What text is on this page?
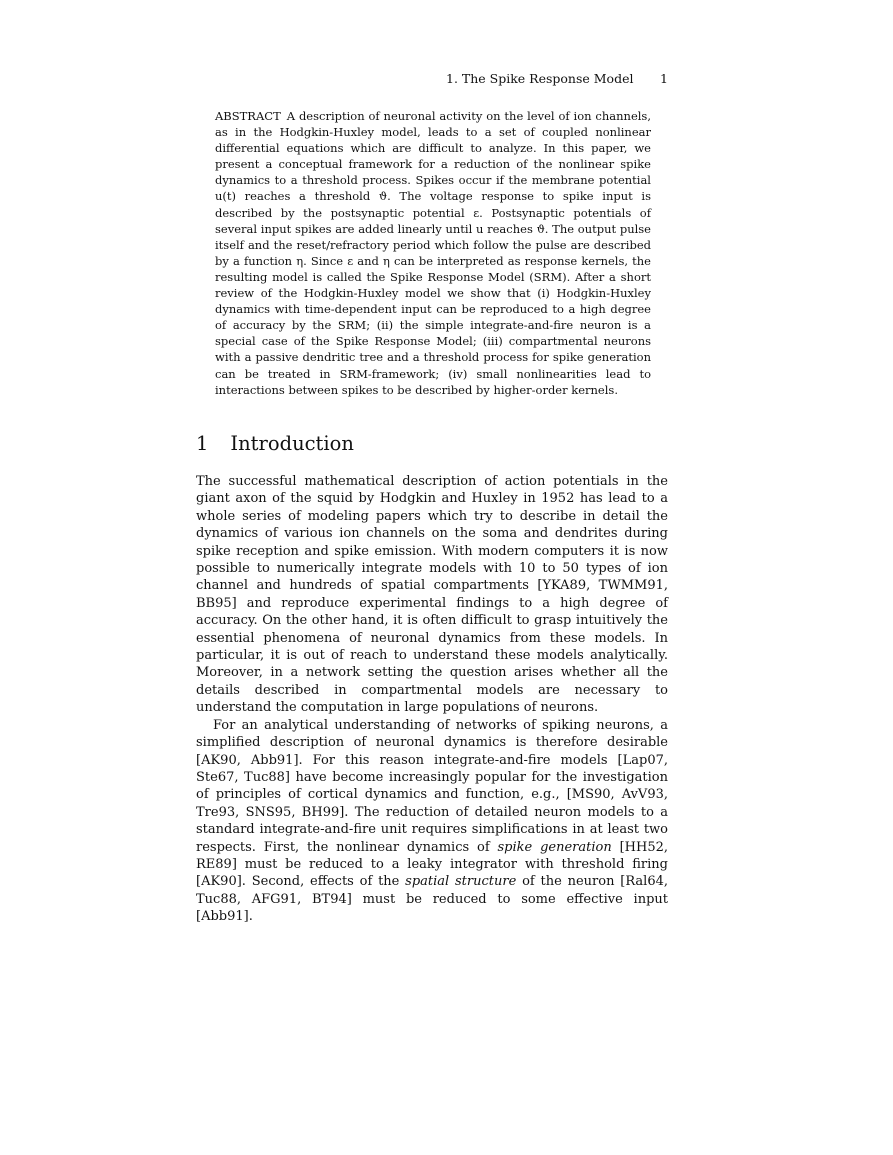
1. The Spike Response Model 1
ABSTRACT A description of neuronal activity on the level of ion channels, as in the Hodgkin-Huxley model, leads to a set of coupled nonlinear differential equations which are difficult to analyze. In this paper, we present a conceptual framework for a reduction of the nonlinear spike dynamics to a threshold process. Spikes occur if the membrane potential u(t) reaches a threshold ϑ. The voltage response to spike input is described by the postsynaptic potential ε. Postsynaptic potentials of several input spikes are added linearly until u reaches ϑ. The output pulse itself and the reset/refractory period which follow the pulse are described by a function η. Since ε and η can be interpreted as response kernels, the resulting model is called the Spike Response Model (SRM). After a short review of the Hodgkin-Huxley model we show that (i) Hodgkin-Huxley dynamics with time-dependent input can be reproduced to a high degree of accuracy by the SRM; (ii) the simple integrate-and-fire neuron is a special case of the Spike Response Model; (iii) compartmental neurons with a passive dendritic tree and a threshold process for spike generation can be treated in SRM-framework; (iv) small nonlinearities lead to interactions between spikes to be described by higher-order kernels.
1 Introduction

The successful mathematical description of action potentials in the giant axon of the squid by Hodgkin and Huxley in 1952 has lead to a whole series of modeling papers which try to describe in detail the dynamics of various ion channels on the soma and dendrites during spike reception and spike emission. With modern computers it is now possible to numerically integrate models with 10 to 50 types of ion channel and hundreds of spatial compartments [YKA89, TWMM91, BB95] and reproduce experimental findings to a high degree of accuracy. On the other hand, it is often difficult to grasp intuitively the essential phenomena of neuronal dynamics from these models. In particular, it is out of reach to understand these models analytically. Moreover, in a network setting the question arises whether all the details described in compartmental models are necessary to understand the computation in large populations of neurons.

For an analytical understanding of networks of spiking neurons, a simplified description of neuronal dynamics is therefore desirable [AK90, Abb91]. For this reason integrate-and-fire models [Lap07, Ste67, Tuc88] have become increasingly popular for the investigation of principles of cortical dynamics and function, e.g., [MS90, AvV93, Tre93, SNS95, BH99]. The reduction of detailed neuron models to a standard integrate-and-fire unit requires simplifications in at least two respects. First, the nonlinear dynamics of spike generation [HH52, RE89] must be reduced to a leaky integrator with threshold firing [AK90]. Second, effects of the spatial structure of the neuron [Ral64, Tuc88, AFG91, BT94] must be reduced to some effective input [Abb91].
